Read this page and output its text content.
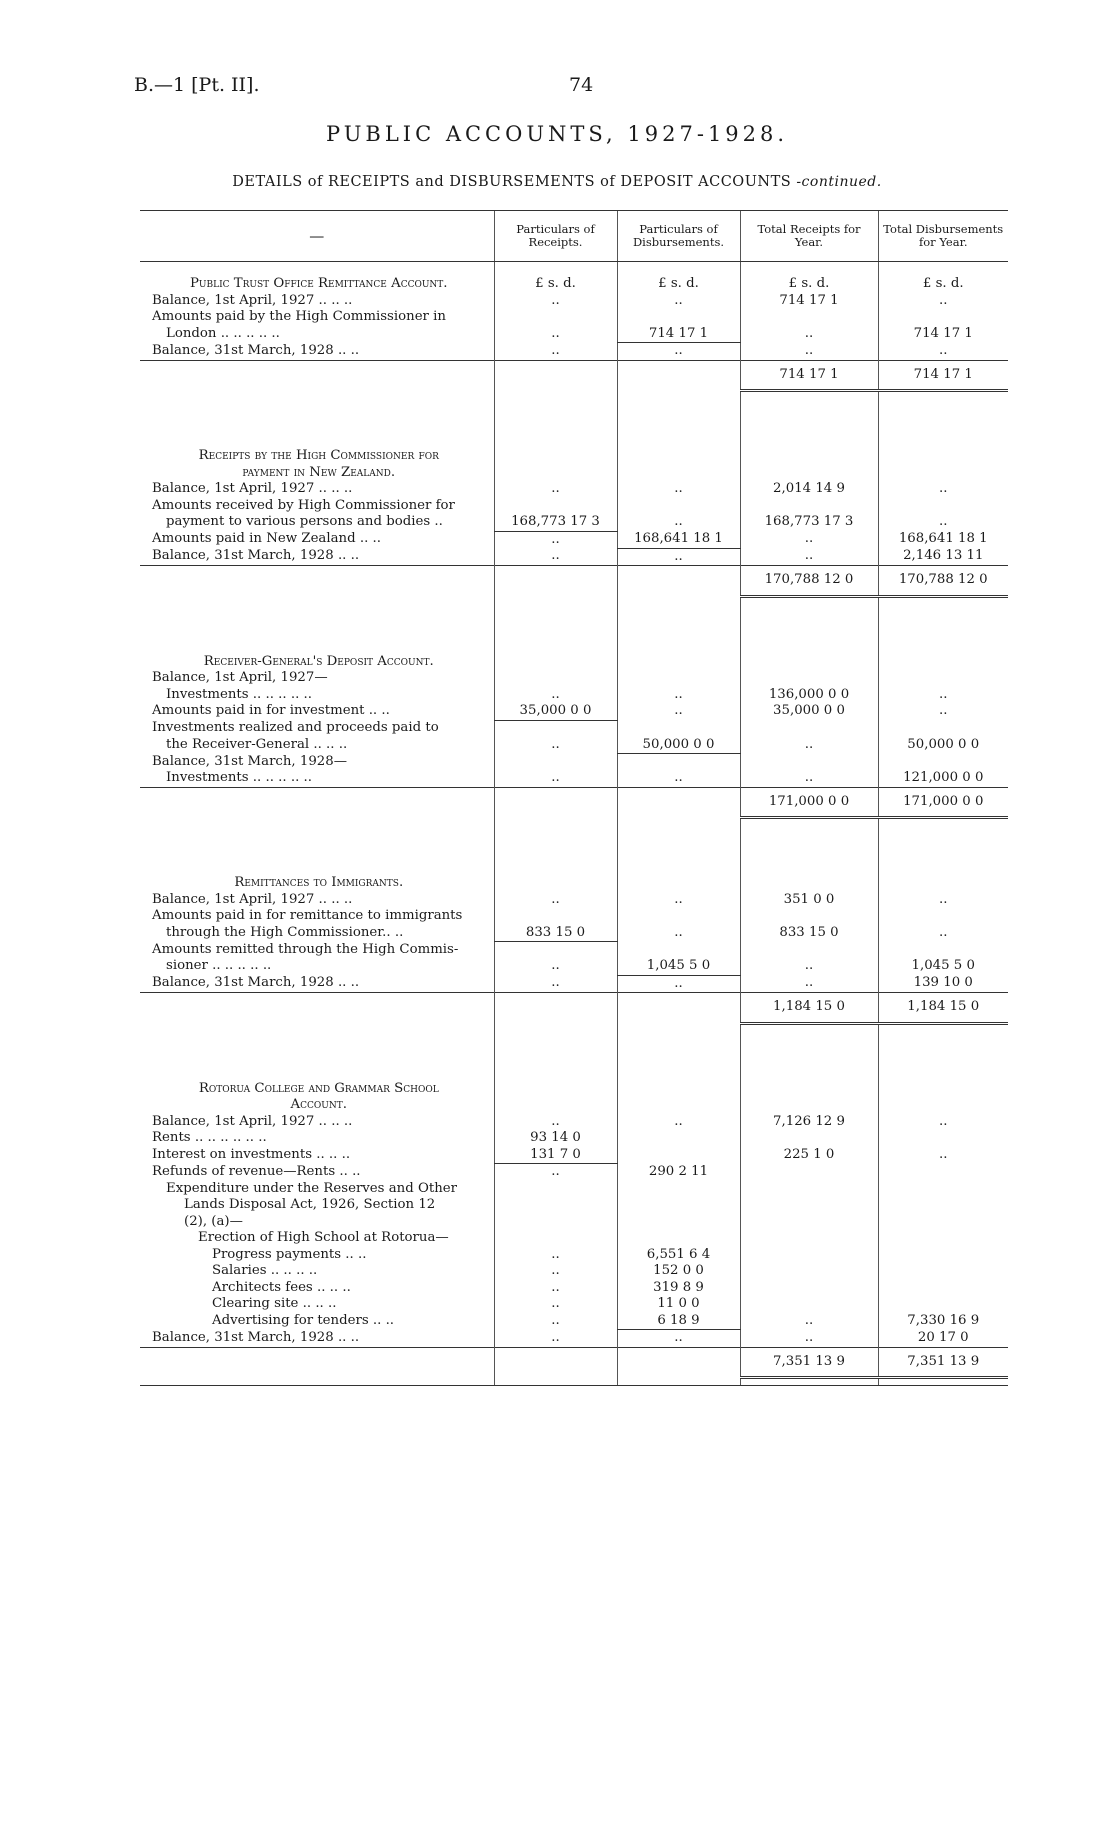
B.—1 [Pt. II].	74
PUBLIC ACCOUNTS, 1927-1928.
DETAILS of RECEIPTS and DISBURSEMENTS of DEPOSIT ACCOUNTS -continued.
—	Particulars of Receipts.	Particulars of Disbursements.	Total Receipts for Year.	Total Disbursements for Year.
Public Trust Office Remittance Account.	£ s. d.	£ s. d.	£ s. d.	£ s. d.
Balance, 1st April, 1927 .. .. ..	..	..	714 17 1	..
Amounts paid by the High Commissioner in				
London .. .. .. .. ..	..	714 17 1	..	714 17 1
Balance, 31st March, 1928 .. ..	..	..	..	..
			714 17 1	714 17 1

Receipts by the High Commissioner for				
payment in New Zealand.				
Balance, 1st April, 1927 .. .. ..	..	..	2,014 14 9	..
Amounts received by High Commissioner for				
payment to various persons and bodies ..	168,773 17 3	..	168,773 17 3	..
Amounts paid in New Zealand .. ..	..	168,641 18 1	..	168,641 18 1
Balance, 31st March, 1928 .. ..	..	..	..	2,146 13 11
			170,788 12 0	170,788 12 0

Receiver-General's Deposit Account.				
Balance, 1st April, 1927—				
Investments .. .. .. .. ..	..	..	136,000 0 0	..
Amounts paid in for investment .. ..	35,000 0 0	..	35,000 0 0	..
Investments realized and proceeds paid to				
the Receiver-General .. .. ..	..	50,000 0 0	..	50,000 0 0
Balance, 31st March, 1928—				
Investments .. .. .. .. ..	..	..	..	121,000 0 0
			171,000 0 0	171,000 0 0

Remittances to Immigrants.				
Balance, 1st April, 1927 .. .. ..	..	..	351 0 0	..
Amounts paid in for remittance to immigrants				
through the High Commissioner.. ..	833 15 0	..	833 15 0	..
Amounts remitted through the High Commis-				
sioner .. .. .. .. ..	..	1,045 5 0	..	1,045 5 0
Balance, 31st March, 1928 .. ..	..	..	..	139 10 0
			1,184 15 0	1,184 15 0

Rotorua College and Grammar School				
Account.				
Balance, 1st April, 1927 .. .. ..	..	..	7,126 12 9	..
Rents .. .. .. .. .. ..	93 14 0			
Interest on investments .. .. ..	131 7 0		225 1 0	..
Refunds of revenue—Rents .. ..	..	290 2 11		
Expenditure under the Reserves and Other				
Lands Disposal Act, 1926, Section 12				
(2), (a)—				
Erection of High School at Rotorua—				
Progress payments .. ..	..	6,551 6 4		
Salaries .. .. .. ..	..	152 0 0		
Architects fees .. .. ..	..	319 8 9		
Clearing site .. .. ..	..	11 0 0		
Advertising for tenders .. ..	..	6 18 9	..	7,330 16 9
Balance, 31st March, 1928 .. ..	..	..	..	20 17 0
			7,351 13 9	7,351 13 9
